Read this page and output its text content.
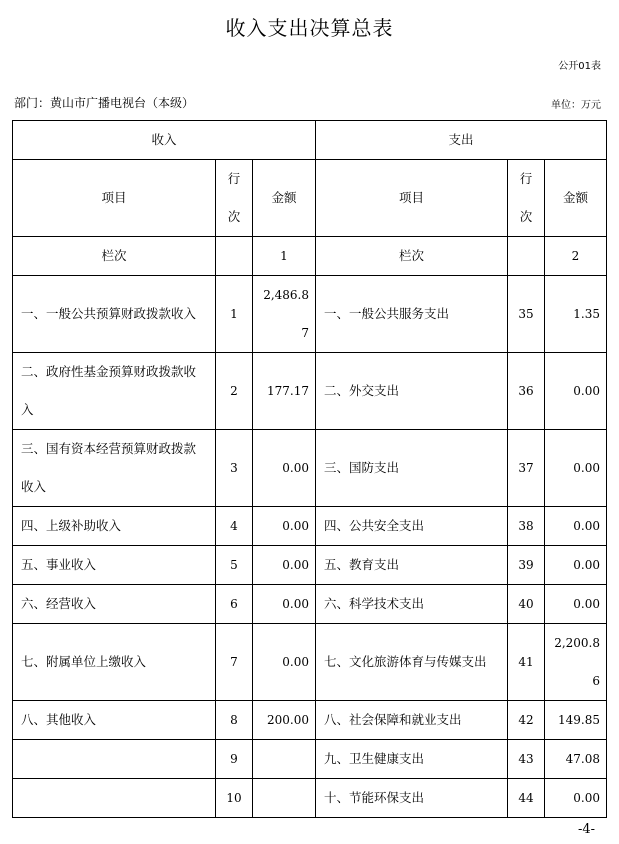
收入支出决算总表
公开01表
部门：黄山市广播电视台（本级）	单位：万元
收入			支出		
项目	行次	金额	项目	行次	金额
栏次		1	栏次		2
一、一般公共预算财政拨款收入	1	2,486.87	一、一般公共服务支出	35	1.35
二、政府性基金预算财政拨款收入	2	177.17	二、外交支出	36	0.00
三、国有资本经营预算财政拨款收入	3	0.00	三、国防支出	37	0.00
四、上级补助收入	4	0.00	四、公共安全支出	38	0.00
五、事业收入	5	0.00	五、教育支出	39	0.00
六、经营收入	6	0.00	六、科学技术支出	40	0.00
七、附属单位上缴收入	7	0.00	七、文化旅游体育与传媒支出	41	2,200.86
八、其他收入	8	200.00	八、社会保障和就业支出	42	149.85
	9		九、卫生健康支出	43	47.08
	10		十、节能环保支出	44	0.00
-4-
